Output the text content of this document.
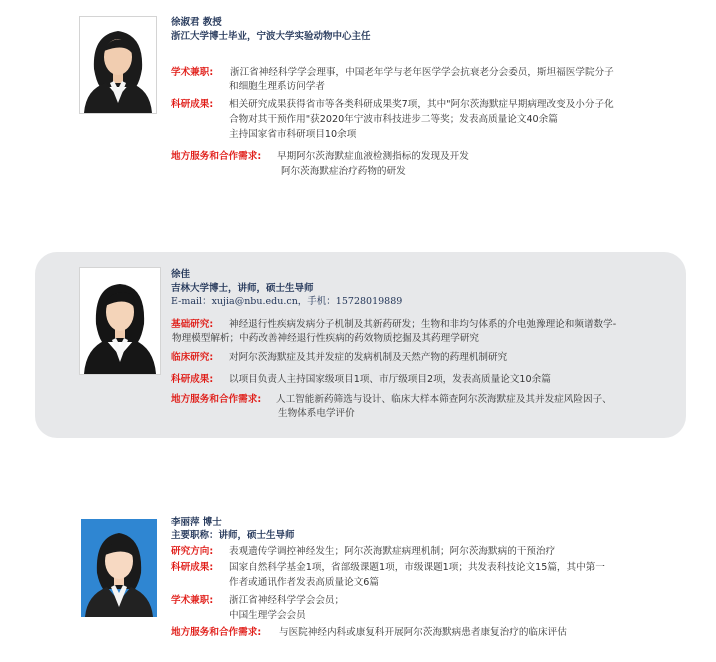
徐淑君 教授
浙江大学博士毕业，宁波大学实验动物中心主任
学术兼职: 浙江省神经科学学会理事，中国老年学与老年医学学会抗衰老分会委员，斯坦福医学院分子
和细胞生理系访问学者
科研成果: 相关研究成果获得省市等各类科研成果奖7项，其中"阿尔茨海默症早期病理改变及小分子化
合物对其干预作用"获2020年宁波市科技进步二等奖；发表高质量论文40余篇
主持国家省市科研项目10余项
地方服务和合作需求: 早期阿尔茨海默症血液检测指标的发现及开发
阿尔茨海默症治疗药物的研发
徐佳
吉林大学博士，讲师，硕士生导师
E-mail：xujia@nbu.edu.cn，手机：15728019889
基础研究: 神经退行性疾病发病分子机制及其新药研发；生物和非均匀体系的介电弛豫理论和频谱数学-
物理模型解析；中药改善神经退行性疾病的药效物质挖掘及其药理学研究
临床研究: 对阿尔茨海默症及其并发症的发病机制及天然产物的药理机制研究
科研成果: 以项目负责人主持国家级项目1项、市厅级项目2项，发表高质量论文10余篇
地方服务和合作需求: 人工智能新药筛选与设计、临床大样本筛查阿尔茨海默症及其并发症风险因子、
生物体系电学评价
李丽萍 博士
主要职称：讲师，硕士生导师
研究方向: 表观遗传学调控神经发生；阿尔茨海默症病理机制；阿尔茨海默病的干预治疗
科研成果: 国家自然科学基金1项，省部级课题1项，市级课题1项；共发表科技论文15篇，其中第一
作者或通讯作者发表高质量论文6篇
学术兼职: 浙江省神经科学学会会员；
中国生理学会会员
地方服务和合作需求: 与医院神经内科或康复科开展阿尔茨海默病患者康复治疗的临床评估
